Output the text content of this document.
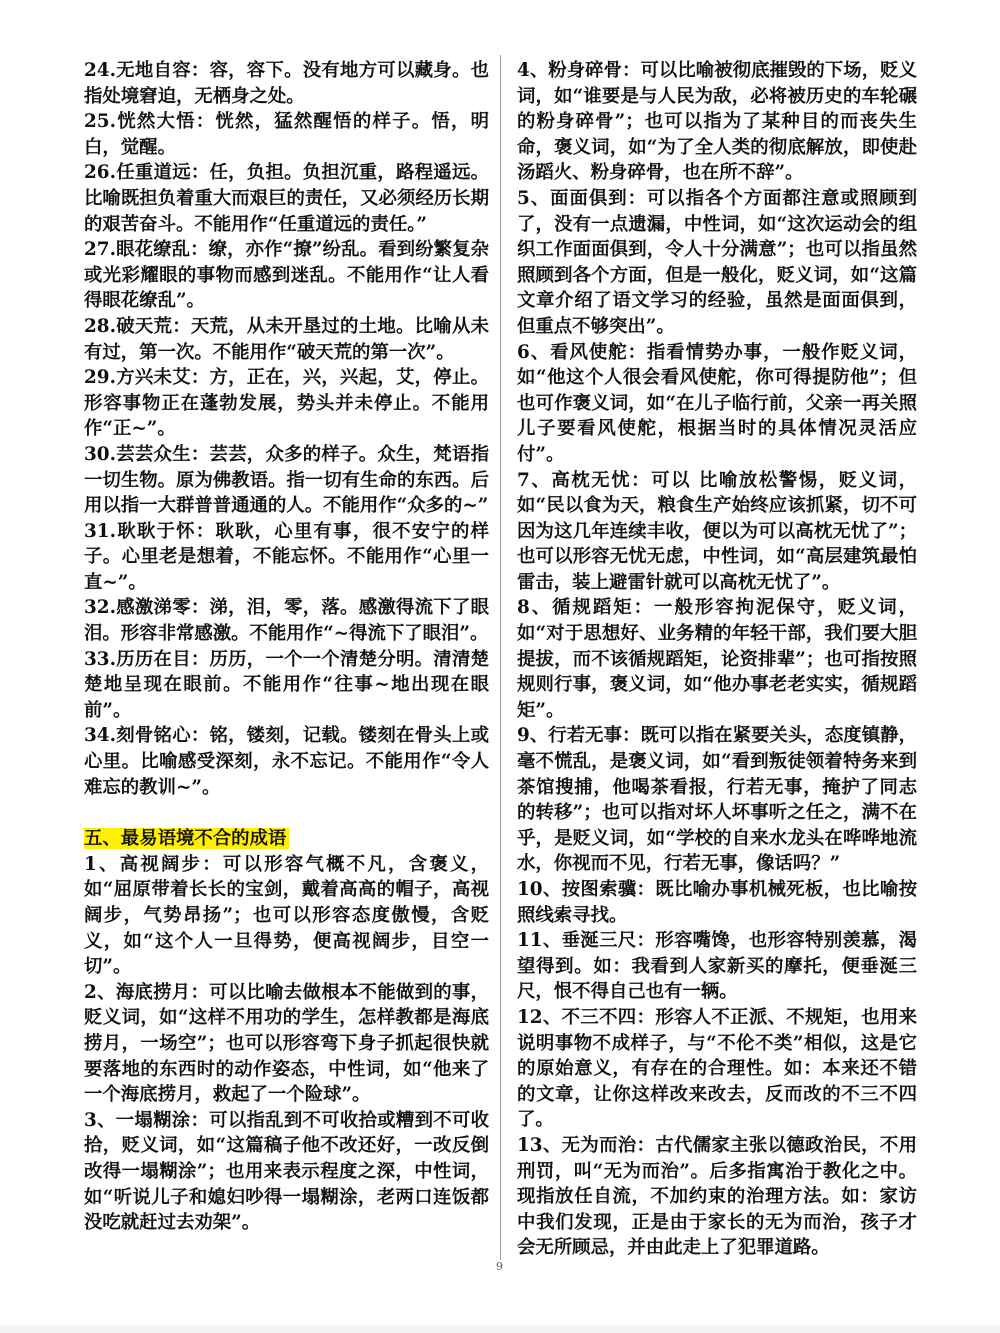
24.无地自容：容，容下。没有地方可以藏身。也指处境窘迫，无栖身之处。

25.恍然大悟：恍然，猛然醒悟的样子。悟，明白，觉醒。

26.任重道远：任，负担。负担沉重，路程遥远。比喻既担负着重大而艰巨的责任，又必须经历长期的艰苦奋斗。不能用作“任重道远的责任。”

27.眼花缭乱：缭，亦作“撩”纷乱。看到纷繁复杂或光彩耀眼的事物而感到迷乱。不能用作“让人看得眼花缭乱”。

28.破天荒：天荒，从未开垦过的土地。比喻从未有过，第一次。不能用作“破天荒的第一次”。

29.方兴未艾：方，正在，兴，兴起，艾，停止。形容事物正在蓬勃发展，势头并未停止。不能用作“正~”。

30.芸芸众生：芸芸，众多的样子。众生，梵语指一切生物。原为佛教语。指一切有生命的东西。后用以指一大群普普通通的人。不能用作“众多的~”

31.耿耿于怀：耿耿，心里有事，很不安宁的样子。心里老是想着，不能忘怀。不能用作“心里一直~”。

32.感激涕零：涕，泪，零，落。感激得流下了眼泪。形容非常感激。不能用作“~得流下了眼泪”。

33.历历在目：历历，一个一个清楚分明。清清楚楚地呈现在眼前。不能用作“往事~地出现在眼前”。

34.刻骨铭心：铭，镂刻，记载。镂刻在骨头上或心里。比喻感受深刻，永不忘记。不能用作“令人难忘的教训~”。

五、最易语境不合的成语

1、高视阔步：可以形容气概不凡，含褒义，如“屈原带着长长的宝剑，戴着高高的帽子，高视阔步，气势昂扬”；也可以形容态度傲慢，含贬义，如“这个人一旦得势，便高视阔步，目空一切”。

2、海底捞月：可以比喻去做根本不能做到的事，贬义词，如“这样不用功的学生，怎样教都是海底捞月，一场空”；也可以形容弯下身子抓起很快就要落地的东西时的动作姿态，中性词，如“他来了一个海底捞月，救起了一个险球”。

3、一塌糊涂：可以指乱到不可收拾或糟到不可收拾，贬义词，如“这篇稿子他不改还好，一改反倒改得一塌糊涂”；也用来表示程度之深，中性词，如“听说儿子和媳妇吵得一塌糊涂，老两口连饭都没吃就赶过去劝架”。

4、粉身碎骨：可以比喻被彻底摧毁的下场，贬义词，如“谁要是与人民为敌，必将被历史的车轮碾的粉身碎骨”；也可以指为了某种目的而丧失生命，褒义词，如“为了全人类的彻底解放，即使赴汤蹈火、粉身碎骨，也在所不辞”。

5、面面俱到：可以指各个方面都注意或照顾到了，没有一点遗漏，中性词，如“这次运动会的组织工作面面俱到，令人十分满意”；也可以指虽然照顾到各个方面，但是一般化，贬义词，如“这篇文章介绍了语文学习的经验，虽然是面面俱到，但重点不够突出”。

6、看风使舵：指看情势办事，一般作贬义词，如“他这个人很会看风使舵，你可得提防他”；但也可作褒义词，如“在儿子临行前，父亲一再关照儿子要看风使舵，根据当时的具体情况灵活应付”。

7、高枕无忧：可以 比喻放松警惕，贬义词，如“民以食为天，粮食生产始终应该抓紧，切不可因为这几年连续丰收，便以为可以高枕无忧了”；也可以形容无忧无虑，中性词，如“高层建筑最怕雷击，装上避雷针就可以高枕无忧了”。

8、循规蹈矩：一般形容拘泥保守，贬义词，如“对于思想好、业务精的年轻干部，我们要大胆提拔，而不该循规蹈矩，论资排辈”；也可指按照规则行事，褒义词，如“他办事老老实实，循规蹈矩”。

9、行若无事：既可以指在紧要关头，态度镇静，毫不慌乱，是褒义词，如“看到叛徒领着特务来到茶馆搜捕，他喝茶看报，行若无事，掩护了同志的转移”；也可以指对坏人坏事听之任之，满不在乎，是贬义词，如“学校的自来水龙头在哗哗地流水，你视而不见，行若无事，像话吗？”

10、按图索骥：既比喻办事机械死板，也比喻按照线索寻找。

11、垂涎三尺：形容嘴馋，也形容特别羡慕，渴望得到。如：我看到人家新买的摩托，便垂涎三尺，恨不得自己也有一辆。

12、不三不四：形容人不正派、不规矩，也用来说明事物不成样子，与“不伦不类”相似，这是它的原始意义，有存在的合理性。如：本来还不错的文章，让你这样改来改去，反而改的不三不四了。

13、无为而治：古代儒家主张以德政治民，不用刑罚，叫“无为而治”。后多指寓治于教化之中。现指放任自流，不加约束的治理方法。如：家访中我们发现，正是由于家长的无为而治，孩子才会无所顾忌，并由此走上了犯罪道路。

9
